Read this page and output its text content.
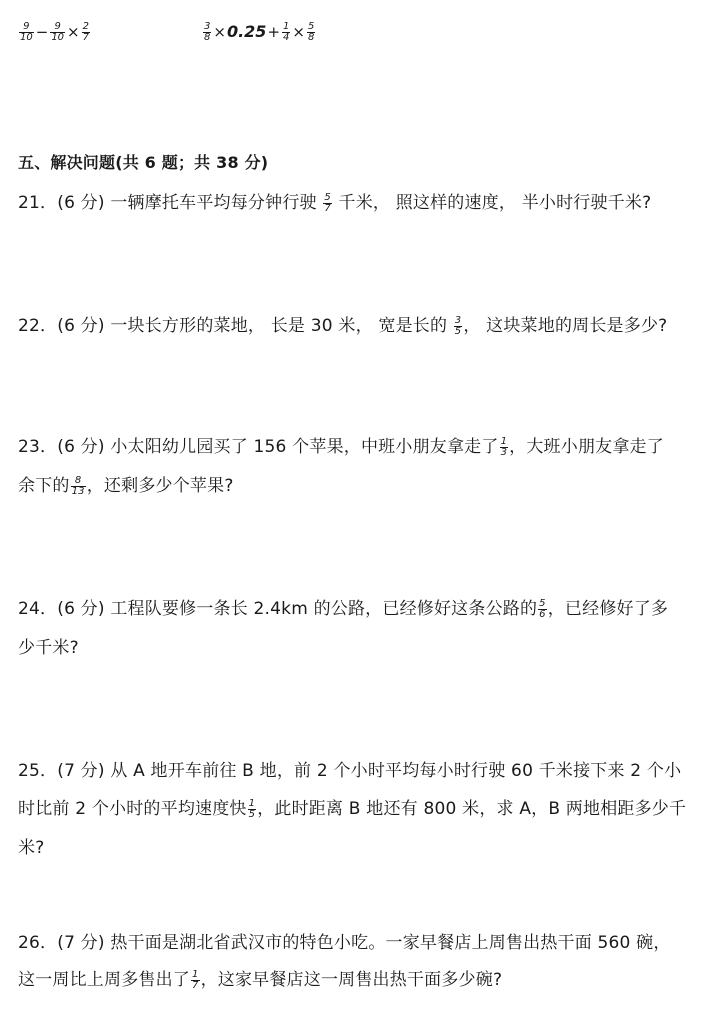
$\frac{9}{10} - \frac{9}{10} \times \frac{2}{7}$	$\frac{3}{8} \times 0.25+ \frac{1}{4} \times \frac{5}{8}$
五、解决问题(共 6 题；共 38 分)
21．(6 分) 一辆摩托车平均每分钟行驶 $\frac{5}{7}$ 千米， 照这样的速度， 半小时行驶千米?
22．(6 分) 一块长方形的菜地， 长是 30 米， 宽是长的 $\frac{3}{5}$ ， 这块菜地的周长是多少?
23．(6 分) 小太阳幼儿园买了 156 个苹果，中班小朋友拿走了 $\frac{1}{3}$ ，大班小朋友拿走了
余下的 $\frac{8}{13}$ ，还剩多少个苹果?
24．(6 分) 工程队要修一条长 2.4km 的公路，已经修好这条公路的 $\frac{5}{6}$ ，已经修好了多
少千米?
25．(7 分) 从 A 地开车前往 B 地，前 2 个小时平均每小时行驶 60 千米接下来 2 个小
时比前 2 个小时的平均速度快 $\frac{1}{5}$ ，此时距离 B 地还有 800 米，求 A，B 两地相距多少千
米?
26．(7 分) 热干面是湖北省武汉市的特色小吃。一家早餐店上周售出热干面 560 碗，
这一周比上周多售出了 $\frac{1}{7}$ ，这家早餐店这一周售出热干面多少碗?
